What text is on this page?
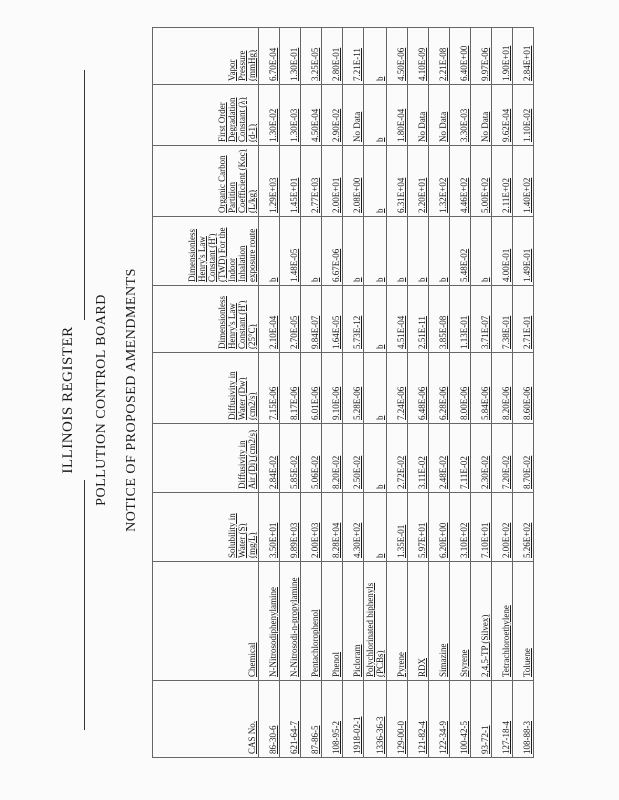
ILLINOIS REGISTER POLLUTION CONTROL BOARD NOTICE OF PROPOSED AMENDMENTS
CAS No.	Chemical	Solubility in Water (S) (mg/L)	Diffusivity in Air (Di) (cm2/s)	Diffusivity in Water (Dw) (cm2/s)	Dimensionless Henry's Law Constant (H') (25°C)	Dimensionless Henry's Law Constant (H') (TWD) For the Indoor Inhalation exposure route	Organic Carbon Partition Coefficient (Koc) (L/kg)	First Order Degradation Constant (λ) (d-1)	Vapor Pressure (mmHg)
86-30-6	N-Nitrosodiphenylamine	3.50E+01	2.84E-02	7.15E-06	2.10E-04	b	1.29E+03	1.30E-02	6.70E-04
621-64-7	N-Nitrosodi-n-propylamine	9.89E+03	5.85E-02	8.17E-06	2.70E-05	1.48E-05	1.45E+01	1.30E-03	1.30E-01
87-86-5	Pentachlorophenol	2.00E+03	5.06E-02	6.01E-06	9.84E-07	b	2.77E+03	4.50E-04	3.25E-05
108-95-2	Phenol	8.28E+04	8.20E-02	9.10E-06	1.64E-05	6.67E-06	2.00E+01	2.90E-02	2.80E-01
1918-02-1	Picloram	4.30E+02	2.50E-02	5.28E-06	5.73E-12	b	2.08E+00	No Data	7.21E-11
1336-36-3	Polychlorinated biphenyls (PCBs)	b	b	b	b	b	b	b	b
129-00-0	Pyrene	1.35E-01	2.72E-02	7.24E-06	4.51E-04	b	6.31E+04	1.80E-04	4.50E-06
121-82-4	RDX	5.97E+01	3.11E-02	6.48E-06	2.51E-11	b	2.20E+01	No Data	4.10E-09
122-34-9	Simazine	6.20E+00	2.48E-02	6.28E-06	3.85E-08	b	1.32E+02	No Data	2.21E-08
100-42-5	Styrene	3.10E+02	7.11E-02	8.00E-06	1.13E-01	5.48E-02	4.46E+02	3.30E-03	6.40E+00
93-72-1	2,4,5-TP (Silvex)	7.10E+01	2.30E-02	5.84E-06	3.71E-07	b	5.00E+02	No Data	9.97E-06
127-18-4	Tetrachloroethylene	2.00E+02	7.20E-02	8.20E-06	7.38E-01	4.00E-01	2.11E+02	9.62E-04	1.90E+01
108-88-3	Toluene	5.26E+02	8.70E-02	8.60E-06	2.71E-01	1.49E-01	1.40E+02	1.10E-02	2.84E+01
